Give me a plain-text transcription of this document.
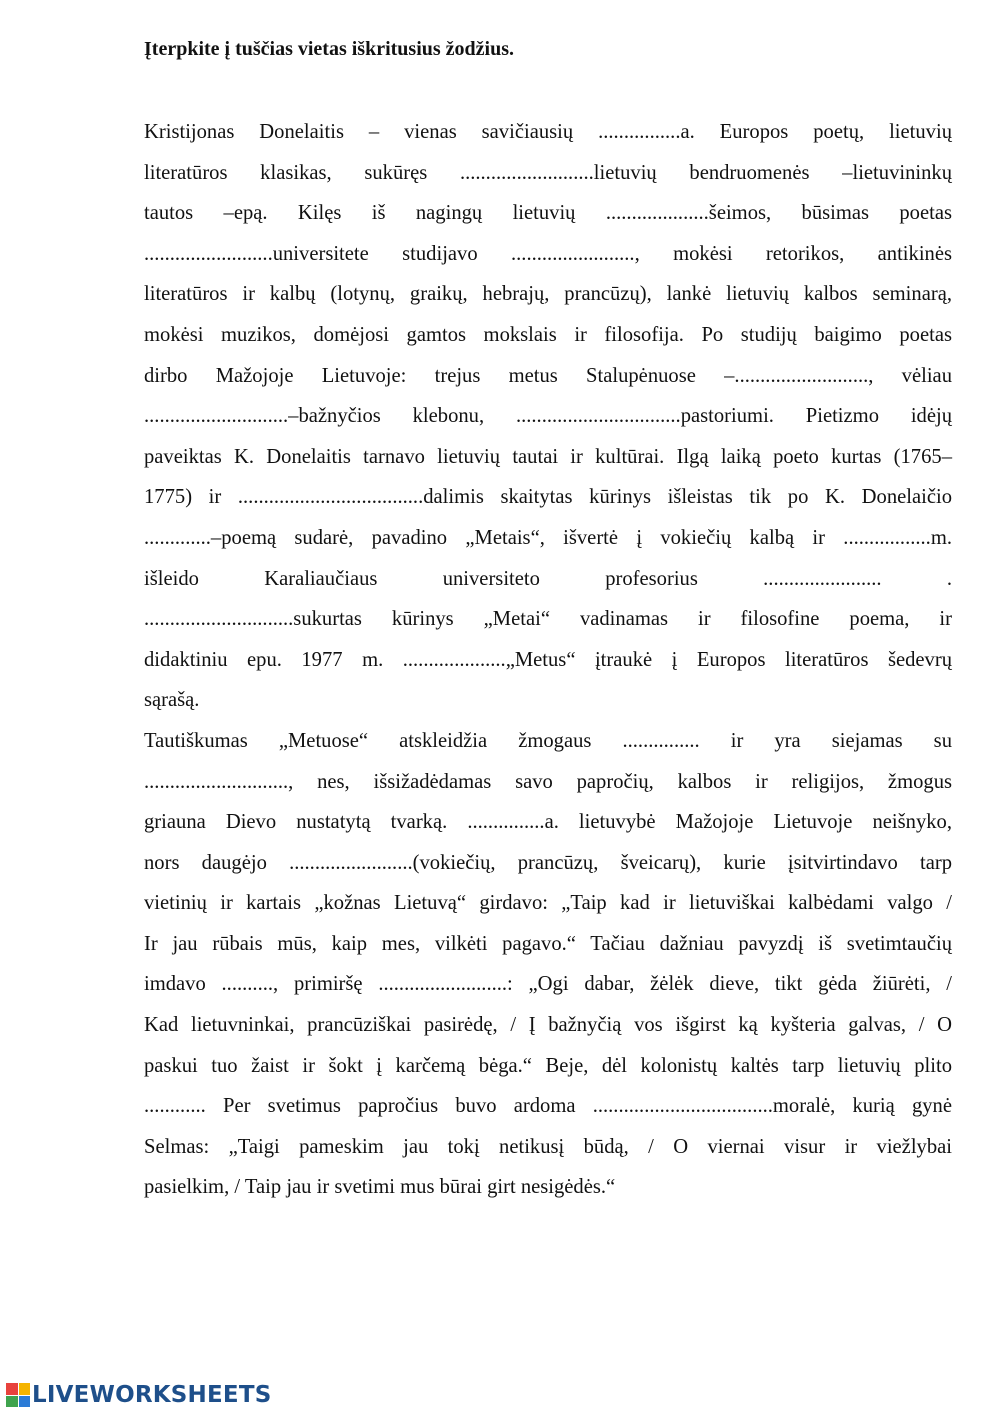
Įterpkite į tuščias vietas iškritusius žodžius.
Kristijonas Donelaitis – vienas savičiausių ................a. Europos poetų, lietuvių
literatūros klasikas, sukūręs ..........................lietuvių bendruomenės –lietuvininkų
tautos –epą. Kilęs iš nagingų lietuvių ....................šeimos, būsimas poetas
.........................universitete studijavo ........................, mokėsi retorikos, antikinės
literatūros ir kalbų (lotynų, graikų, hebrajų, prancūzų), lankė lietuvių kalbos seminarą,
mokėsi muzikos, domėjosi gamtos mokslais ir filosofija. Po studijų baigimo poetas
dirbo Mažojoje Lietuvoje: trejus metus Stalupėnuose –.........................., vėliau
............................–bažnyčios klebonu, ................................pastoriumi. Pietizmo idėjų
paveiktas K. Donelaitis tarnavo lietuvių tautai ir kultūrai. Ilgą laiką poeto kurtas (1765–
1775) ir ....................................dalimis skaitytas kūrinys išleistas tik po K. Donelaičio
.............–poemą sudarė, pavadino „Metais“, išvertė į vokiečių kalbą ir .................m.
išleido Karaliaučiaus universiteto profesorius ....................... .
.............................sukurtas kūrinys „Metai“ vadinamas ir filosofine poema, ir
didaktiniu epu. 1977 m. ....................„Metus“ įtraukė į Europos literatūros šedevrų
sąrašą.
Tautiškumas „Metuose“ atskleidžia žmogaus ............... ir yra siejamas su
............................, nes, išsižadėdamas savo papročių, kalbos ir religijos, žmogus
griauna Dievo nustatytą tvarką. ...............a. lietuvybė Mažojoje Lietuvoje neišnyko,
nors daugėjo ........................(vokiečių, prancūzų, šveicarų), kurie įsitvirtindavo tarp
vietinių ir kartais „kožnas Lietuvą“ girdavo: „Taip kad ir lietuviškai kalbėdami valgo /
Ir jau rūbais mūs, kaip mes, vilkėti pagavo.“ Tačiau dažniau pavyzdį iš svetimtaučių
imdavo .........., primiršę .........................: „Ogi dabar, žėlėk dieve, tikt gėda žiūrėti, /
Kad lietuvninkai, prancūziškai pasirėdę, / Į bažnyčią vos išgirst ką kyšteria galvas, / O
paskui tuo žaist ir šokt į karčemą bėga.“ Beje, dėl kolonistų kaltės tarp lietuvių plito
............ Per svetimus papročius buvo ardoma ...................................moralė, kurią gynė
Selmas: „Taigi pameskim jau tokį netikusį būdą, / O viernai visur ir viežlybai
pasielkim, / Taip jau ir svetimi mus būrai girt nesigėdės.“
LIVEWORKSHEETS
